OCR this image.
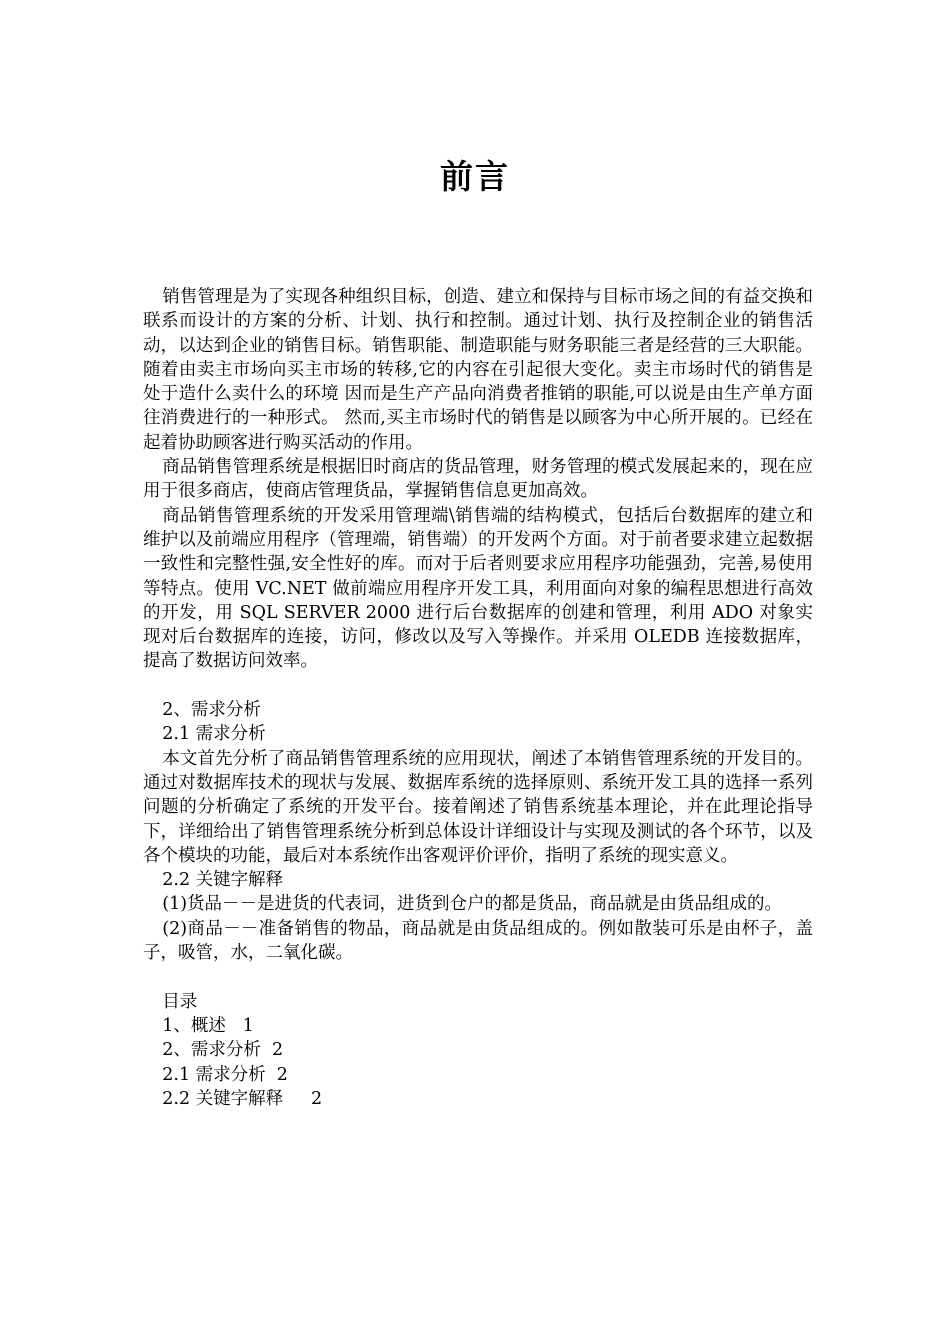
前言

销售管理是为了实现各种组织目标，创造、建立和保持与目标市场之间的有益交换和联系而设计的方案的分析、计划、执行和控制。通过计划、执行及控制企业的销售活动，以达到企业的销售目标。销售职能、制造职能与财务职能三者是经营的三大职能。随着由卖主市场向买主市场的转移,它的内容在引起很大变化。卖主市场时代的销售是处于造什么卖什么的环境 因而是生产产品向消费者推销的职能,可以说是由生产单方面往消费进行的一种形式。 然而,买主市场时代的销售是以顾客为中心所开展的。已经在起着协助顾客进行购买活动的作用。

商品销售管理系统是根据旧时商店的货品管理，财务管理的模式发展起来的，现在应用于很多商店，使商店管理货品，掌握销售信息更加高效。

商品销售管理系统的开发采用管理端\销售端的结构模式，包括后台数据库的建立和维护以及前端应用程序（管理端，销售端）的开发两个方面。对于前者要求建立起数据一致性和完整性强,安全性好的库。而对于后者则要求应用程序功能强劲，完善,易使用等特点。使用 VC.NET 做前端应用程序开发工具，利用面向对象的编程思想进行高效的开发，用 SQL SERVER 2000 进行后台数据库的创建和管理，利用 ADO 对象实现对后台数据库的连接，访问，修改以及写入等操作。并采用 OLEDB 连接数据库，提高了数据访问效率。

2、需求分析

2.1 需求分析

本文首先分析了商品销售管理系统的应用现状，阐述了本销售管理系统的开发目的。通过对数据库技术的现状与发展、数据库系统的选择原则、系统开发工具的选择一系列问题的分析确定了系统的开发平台。接着阐述了销售系统基本理论，并在此理论指导下，详细给出了销售管理系统分析到总体设计详细设计与实现及测试的各个环节，以及各个模块的功能，最后对本系统作出客观评价评价，指明了系统的现实意义。

2.2 关键字解释

(1)货品－－是进货的代表词，进货到仓户的都是货品，商品就是由货品组成的。

(2)商品－－准备销售的物品，商品就是由货品组成的。例如散装可乐是由杯子，盖子，吸管，水，二氧化碳。

目录

1、概述   1

2、需求分析  2

2.1 需求分析  2

2.2 关键字解释     2
